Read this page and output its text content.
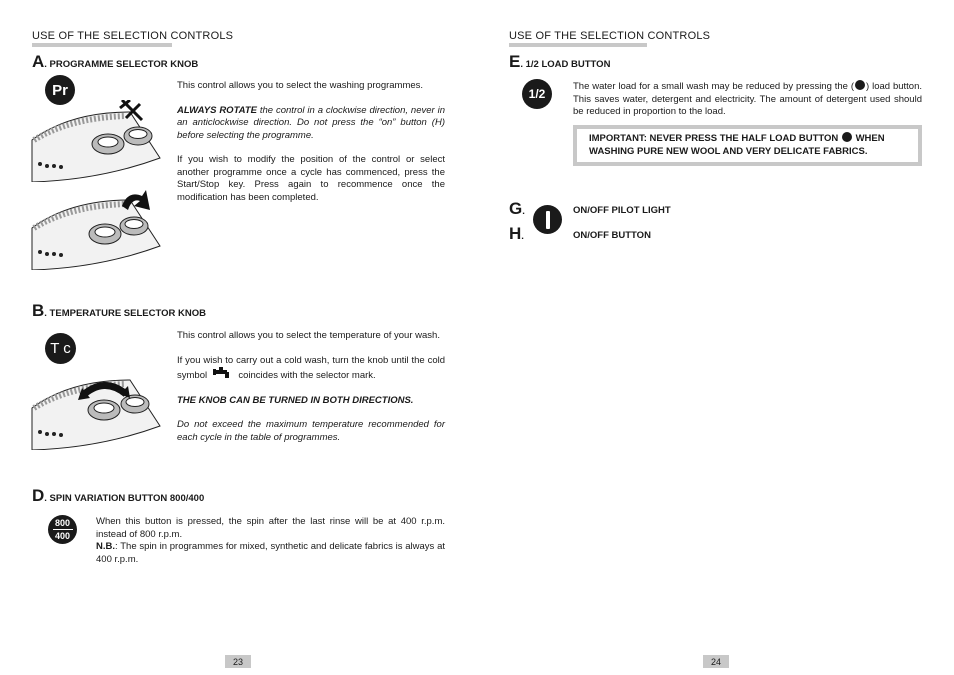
USE OF THE SELECTION CONTROLS
A. PROGRAMME SELECTOR KNOB
Pr	This control allows you to select the washing programmes.
ALWAYS ROTATE the control in a clockwise direction, never in an anticlockwise direction. Do not press the “on” button (H) before selecting the programme.
If you wish to modify the position of the control or select another programme once a cycle has commenced, press the Start/Stop key. Press again to recommence once the modification has been completed.
B. TEMPERATURE SELECTOR KNOB
T c
This control allows you to select the temperature of your wash.
If you wish to carry out a cold wash, turn the knob until the cold symbol	coincides with the selector mark.
THE KNOB CAN BE TURNED IN BOTH DIRECTIONS.
Do not exceed the maximum temperature recommended for each cycle in the table of programmes.
D. SPIN VARIATION BUTTON 800/400
800
400
When this button is pressed, the spin after the last rinse will be at 400 r.p.m. instead of 800 r.p.m.
N.B.: The spin in programmes for mixed, synthetic and delicate fabrics is always at 400 r.p.m.
23
USE OF THE SELECTION CONTROLS
E. 1/2 LOAD BUTTON
1/2
The water load for a small wash may be reduced by pressing the ( ) load button. This saves water, detergent and electricity. The amount of detergent used should be reduced in proportion to the load.
IMPORTANT: NEVER PRESS THE HALF LOAD BUTTON WHEN WASHING PURE NEW WOOL AND VERY DELICATE FABRICS.
G.
H.
ON/OFF PILOT LIGHT
ON/OFF BUTTON
24
